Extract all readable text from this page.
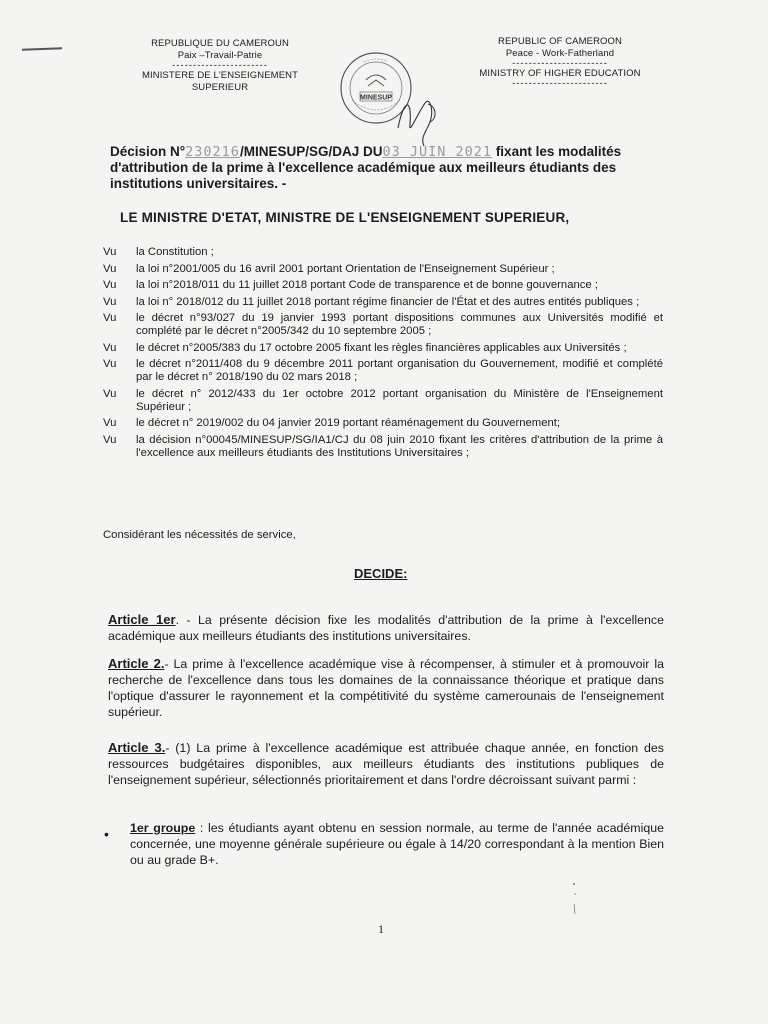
REPUBLIQUE DU CAMEROUN
Paix –Travail-Patrie
-----------------------
MINISTERE DE L'ENSEIGNEMENT
SUPERIEUR
REPUBLIC OF CAMEROON
Peace - Work-Fatherland
-----------------------
MINISTRY OF HIGHER EDUCATION
-----------------------
MINESUP
Décision N°230216/MINESUP/SG/DAJ DU03 JUIN 2021 fixant les modalités d'attribution de la prime à l'excellence académique aux meilleurs étudiants des institutions universitaires. -
LE MINISTRE D'ETAT, MINISTRE DE L'ENSEIGNEMENT SUPERIEUR,
Vu	la Constitution ;
Vu	la loi n°2001/005 du 16 avril 2001 portant Orientation de l'Enseignement Supérieur ;
Vu	la loi n°2018/011 du 11 juillet 2018 portant Code de transparence et de bonne gouvernance ;
Vu	la loi n° 2018/012 du 11 juillet 2018 portant régime financier de l'État et des autres entités publiques ;
Vu	le décret n°93/027 du 19 janvier 1993 portant dispositions communes aux Universités modifié et complété par le décret n°2005/342 du 10 septembre 2005 ;
Vu	le décret n°2005/383 du 17 octobre 2005 fixant les règles financières applicables aux Universités ;
Vu	le décret n°2011/408 du 9 décembre 2011 portant organisation du Gouvernement, modifié et complété par le décret n° 2018/190 du 02 mars 2018 ;
Vu	le décret n° 2012/433 du 1er octobre 2012 portant organisation du Ministère de l'Enseignement Supérieur ;
Vu	le décret n° 2019/002 du 04 janvier 2019 portant réaménagement du Gouvernement;
Vu	la décision n°00045/MINESUP/SG/IA1/CJ du 08 juin 2010 fixant les critères d'attribution de la prime à l'excellence aux meilleurs étudiants des Institutions Universitaires ;
Considérant les nécessités de service,
DECIDE:
Article 1er. - La présente décision fixe les modalités d'attribution de la prime à l'excellence académique aux meilleurs étudiants des institutions universitaires.
Article 2.- La prime à l'excellence académique vise à récompenser, à stimuler et à promouvoir la recherche de l'excellence dans tous les domaines de la connaissance théorique et pratique dans l'optique d'assurer le rayonnement et la compétitivité du système camerounais de l'enseignement supérieur.
Article 3.- (1) La prime à l'excellence académique est attribuée chaque année, en fonction des ressources budgétaires disponibles, aux meilleurs étudiants des institutions publiques de l'enseignement supérieur, sélectionnés prioritairement et dans l'ordre décroissant suivant parmi :
• 1er groupe : les étudiants ayant obtenu en session normale, au terme de l'année académique concernée, une moyenne générale supérieure ou égale à 14/20 correspondant à la mention Bien ou au grade B+.
1
